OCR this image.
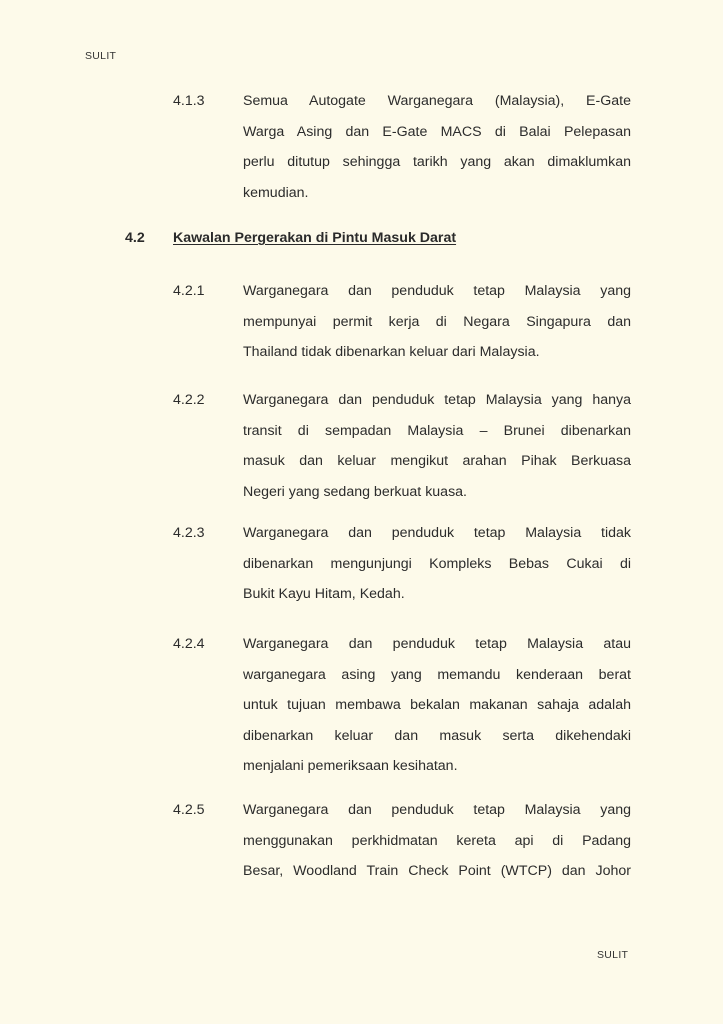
SULIT
4.1.3	Semua Autogate Warganegara (Malaysia), E-Gate
Warga Asing dan E-Gate MACS di Balai Pelepasan
perlu ditutup sehingga tarikh yang akan dimaklumkan
kemudian.
4.2 Kawalan Pergerakan di Pintu Masuk Darat
4.2.1	Warganegara dan penduduk tetap Malaysia yang
mempunyai permit kerja di Negara Singapura dan
Thailand tidak dibenarkan keluar dari Malaysia.
4.2.2	Warganegara dan penduduk tetap Malaysia yang hanya
transit di sempadan Malaysia – Brunei dibenarkan
masuk dan keluar mengikut arahan Pihak Berkuasa
Negeri yang sedang berkuat kuasa.
4.2.3	Warganegara dan penduduk tetap Malaysia tidak
dibenarkan mengunjungi Kompleks Bebas Cukai di
Bukit Kayu Hitam, Kedah.
4.2.4	Warganegara dan penduduk tetap Malaysia atau
warganegara asing yang memandu kenderaan berat
untuk tujuan membawa bekalan makanan sahaja adalah
dibenarkan keluar dan masuk serta dikehendaki
menjalani pemeriksaan kesihatan.
4.2.5	Warganegara dan penduduk tetap Malaysia yang
menggunakan perkhidmatan kereta api di Padang
Besar, Woodland Train Check Point (WTCP) dan Johor
SULIT
